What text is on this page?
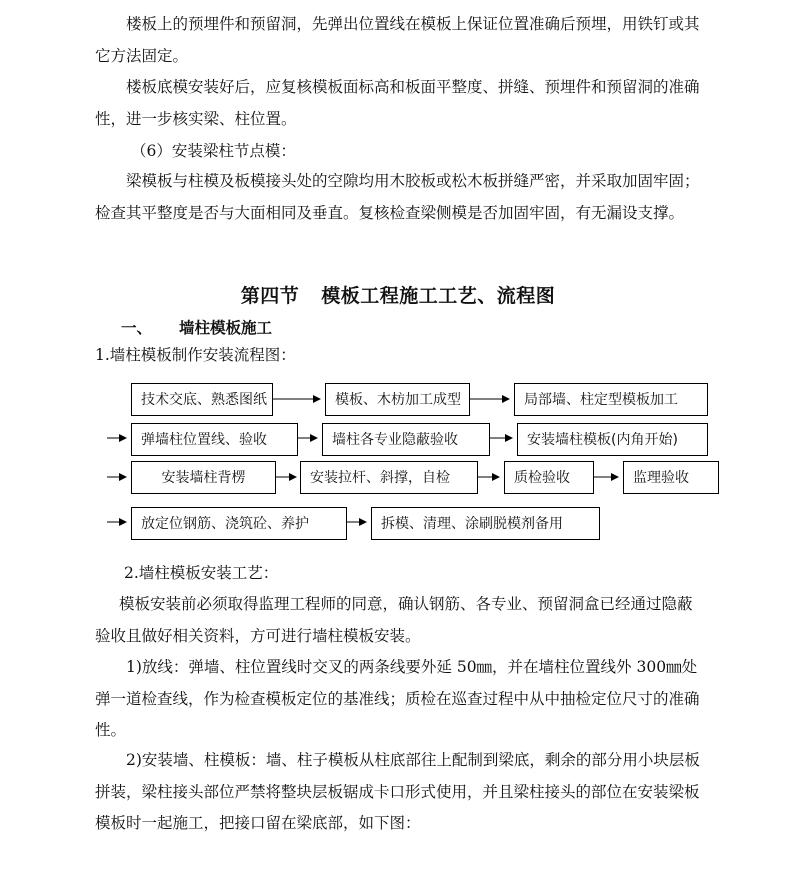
楼板上的预埋件和预留洞，先弹出位置线在模板上保证位置准确后预埋，用铁钉或其它方法固定。

楼板底模安装好后，应复核模板面标高和板面平整度、拼缝、预埋件和预留洞的准确性，进一步核实梁、柱位置。

（6）安装梁柱节点模：

梁模板与柱模及板模接头处的空隙均用木胶板或松木板拼缝严密，并采取加固牢固；检查其平整度是否与大面相同及垂直。复核检查梁侧模是否加固牢固，有无漏设支撑。

第四节 模板工程施工工艺、流程图
一、 墙柱模板施工
1.墙柱模板制作安装流程图：
技术交底、熟悉图纸	模板、木枋加工成型	局部墙、柱定型模板加工
弹墙柱位置线、验收	墙柱各专业隐蔽验收	安装墙柱模板(内角开始)
安装墙柱背楞	安装拉杆、斜撑，自检	质检验收	监理验收
放定位钢筋、浇筑砼、养护	拆模、清理、涂刷脱模剂备用
2.墙柱模板安装工艺：

模板安装前必须取得监理工程师的同意，确认钢筋、各专业、预留洞盒已经通过隐蔽验收且做好相关资料，方可进行墙柱模板安装。

1)放线：弹墙、柱位置线时交叉的两条线要外延 50㎜，并在墙柱位置线外 300㎜处弹一道检查线，作为检查模板定位的基准线；质检在巡查过程中从中抽检定位尺寸的准确性。

2)安装墙、柱模板：墙、柱子模板从柱底部往上配制到梁底，剩余的部分用小块层板拼装，梁柱接头部位严禁将整块层板锯成卡口形式使用，并且梁柱接头的部位在安装梁板模板时一起施工，把接口留在梁底部，如下图：
